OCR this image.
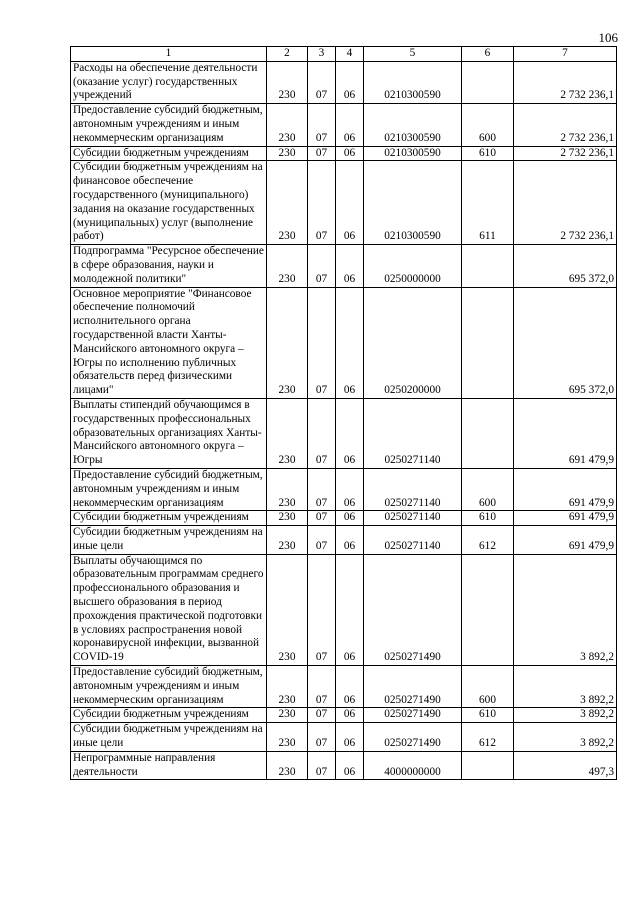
106
1	2	3	4	5	6	7
Расходы на обеспечение деятельности (оказание услуг) государственных учреждений	230	07	06	0210300590		2 732 236,1
Предоставление субсидий бюджетным, автономным учреждениям и иным некоммерческим организациям	230	07	06	0210300590	600	2 732 236,1
Субсидии бюджетным учреждениям	230	07	06	0210300590	610	2 732 236,1
Субсидии бюджетным учреждениям на финансовое обеспечение государственного (муниципального) задания на оказание государственных (муниципальных) услуг (выполнение работ)	230	07	06	0210300590	611	2 732 236,1
Подпрограмма "Ресурсное обеспечение в сфере образования, науки и молодежной политики"	230	07	06	0250000000		695 372,0
Основное мероприятие "Финансовое обеспечение полномочий исполнительного органа государственной власти Ханты-Мансийского автономного округа – Югры по исполнению публичных обязательств перед физическими лицами"	230	07	06	0250200000		695 372,0
Выплаты стипендий обучающимся в государственных профессиональных образовательных организациях Ханты-Мансийского автономного округа – Югры	230	07	06	0250271140		691 479,9
Предоставление субсидий бюджетным, автономным учреждениям и иным некоммерческим организациям	230	07	06	0250271140	600	691 479,9
Субсидии бюджетным учреждениям	230	07	06	0250271140	610	691 479,9
Субсидии бюджетным учреждениям на иные цели	230	07	06	0250271140	612	691 479,9
Выплаты обучающимся по образовательным программам среднего профессионального образования и высшего образования в период прохождения практической подготовки в условиях распространения новой коронавирусной инфекции, вызванной COVID-19	230	07	06	0250271490		3 892,2
Предоставление субсидий бюджетным, автономным учреждениям и иным некоммерческим организациям	230	07	06	0250271490	600	3 892,2
Субсидии бюджетным учреждениям	230	07	06	0250271490	610	3 892,2
Субсидии бюджетным учреждениям на иные цели	230	07	06	0250271490	612	3 892,2
Непрограммные направления деятельности	230	07	06	4000000000		497,3
